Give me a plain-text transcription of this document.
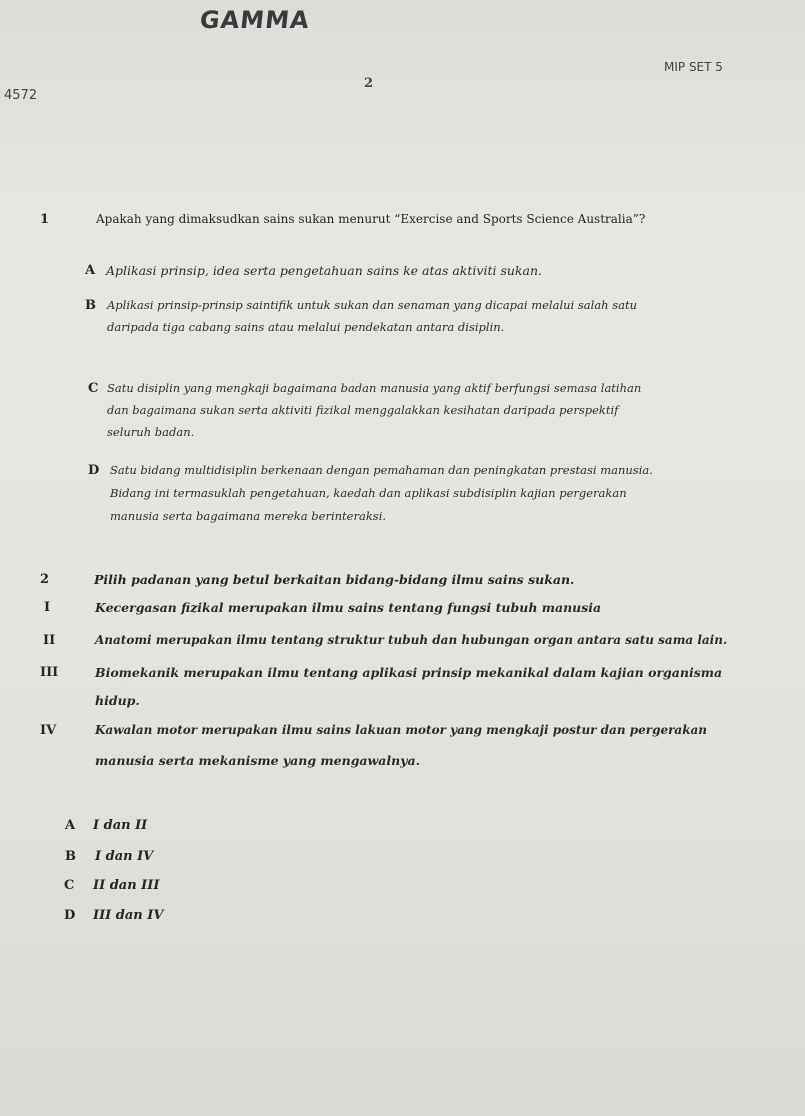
GAMMA
4572
2
MIP SET 5
1	Apakah yang dimaksudkan sains sukan menurut “Exercise and Sports Science Australia”?
A Aplikasi prinsip, idea serta pengetahuan sains ke atas aktiviti sukan.
B Aplikasi prinsip-prinsip saintifik untuk sukan dan senaman yang dicapai melalui salah satu
daripada tiga cabang sains atau melalui pendekatan antara disiplin.
C Satu disiplin yang mengkaji bagaimana badan manusia yang aktif berfungsi semasa latihan
dan bagaimana sukan serta aktiviti fizikal menggalakkan kesihatan daripada perspektif
seluruh badan.
D Satu bidang multidisiplin berkenaan dengan pemahaman dan peningkatan prestasi manusia.
Bidang ini termasuklah pengetahuan, kaedah dan aplikasi subdisiplin kajian pergerakan
manusia serta bagaimana mereka berinteraksi.
2	Pilih padanan yang betul berkaitan bidang-bidang ilmu sains sukan.
I	Kecergasan fizikal merupakan ilmu sains tentang fungsi tubuh manusia
II	Anatomi merupakan ilmu tentang struktur tubuh dan hubungan organ antara satu sama lain.
III	Biomekanik merupakan ilmu tentang aplikasi prinsip mekanikal dalam kajian organisma
hidup.
IV	Kawalan motor merupakan ilmu sains lakuan motor yang mengkaji postur dan pergerakan
manusia serta mekanisme yang mengawalnya.
A I dan II
B I dan IV
C II dan III
D III dan IV
